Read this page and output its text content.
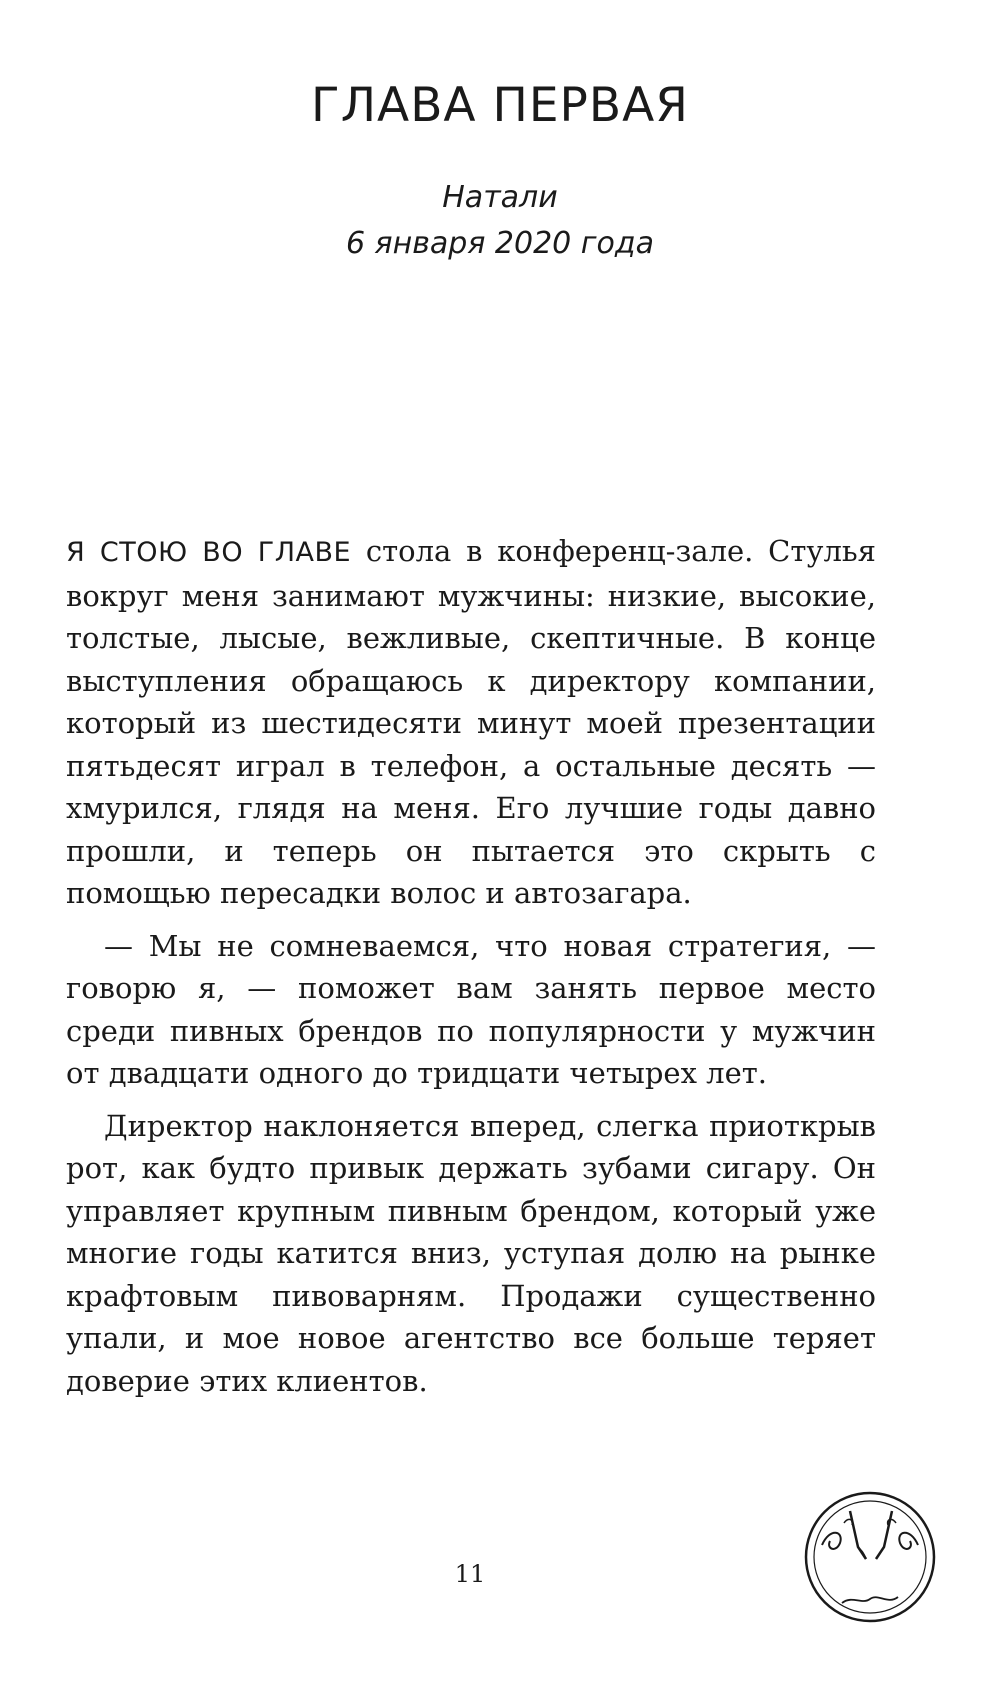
ГЛАВА ПЕРВАЯ
Натали
6 января 2020 года

Я СТОЮ ВО ГЛАВЕ стола в конференц-зале. Стулья вокруг меня занимают мужчины: низкие, высокие, толстые, лысые, вежливые, скептичные. В конце выступления обращаюсь к директору компании, который из шестидесяти минут моей презентации пятьдесят играл в телефон, а остальные десять — хмурился, глядя на меня. Его лучшие годы давно прошли, и теперь он пытается это скрыть с помощью пересадки волос и автозагара.

— Мы не сомневаемся, что новая стратегия, — говорю я, — поможет вам занять первое место среди пивных брендов по популярности у мужчин от двадцати одного до тридцати четырех лет.

Директор наклоняется вперед, слегка приоткрыв рот, как будто привык держать зубами сигару. Он управляет крупным пивным брендом, который уже многие годы катится вниз, уступая долю на рынке крафтовым пивоварням. Продажи существенно упали, и мое новое агентство все больше теряет доверие этих клиентов.

11
